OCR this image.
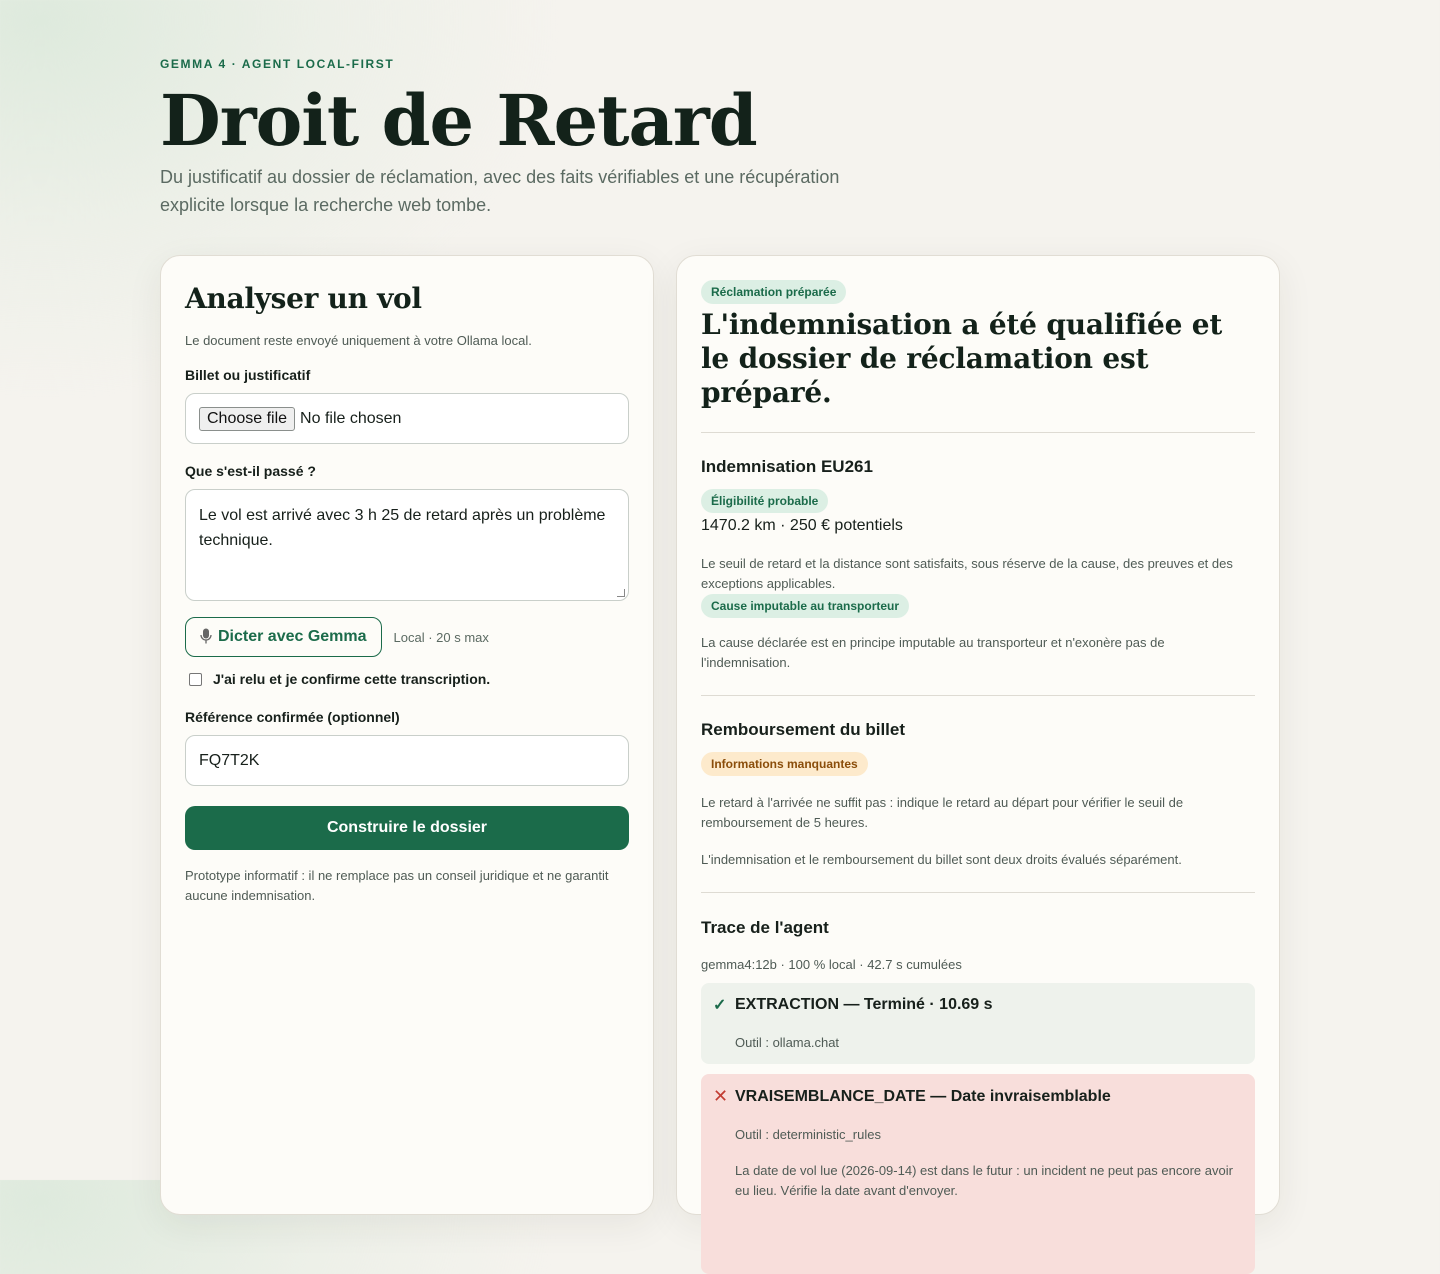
GEMMA 4 · AGENT LOCAL-FIRST
Droit de Retard
Du justificatif au dossier de réclamation, avec des faits vérifiables et une récupération explicite lorsque la recherche web tombe.
Analyser un vol
Le document reste envoyé uniquement à votre Ollama local.
Billet ou justificatif
Choose file No file chosen
Que s'est-il passé ?
Le vol est arrivé avec 3 h 25 de retard après un problème technique.
Dicter avec Gemma Local · 20 s max
J'ai relu et je confirme cette transcription.
Référence confirmée (optionnel)
FQ7T2K
Construire le dossier
Prototype informatif : il ne remplace pas un conseil juridique et ne garantit aucune indemnisation.
Réclamation préparée
L'indemnisation a été qualifiée et le dossier de réclamation est préparé.
Indemnisation EU261
Éligibilité probable
1470.2 km · 250 € potentiels
Le seuil de retard et la distance sont satisfaits, sous réserve de la cause, des preuves et des exceptions applicables.
Cause imputable au transporteur
La cause déclarée est en principe imputable au transporteur et n'exonère pas de l'indemnisation.
Remboursement du billet
Informations manquantes
Le retard à l'arrivée ne suffit pas : indique le retard au départ pour vérifier le seuil de remboursement de 5 heures.
L'indemnisation et le remboursement du billet sont deux droits évalués séparément.
Trace de l'agent
gemma4:12b · 100 % local · 42.7 s cumulées
✓ EXTRACTION — Terminé · 10.69 s
Outil : ollama.chat
✕ VRAISEMBLANCE_DATE — Date invraisemblable
Outil : deterministic_rules
La date de vol lue (2026-09-14) est dans le futur : un incident ne peut pas encore avoir eu lieu. Vérifie la date avant d'envoyer.
